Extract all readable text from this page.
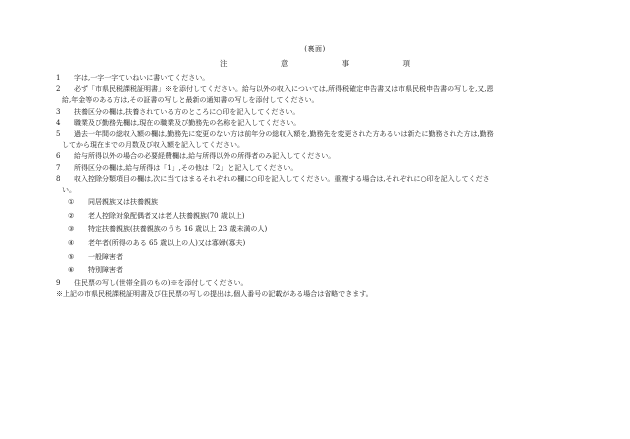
(裏面)
注	意	事	項
1	字は,一字一字ていねいに書いてください。
2	必ず「市県民税課税証明書」※を添付してください。給与以外の収入については,所得税確定申告書又は市県民税申告書の写しを,又,恩
給,年金等のある方は,その証書の写しと最新の通知書の写しを添付してください。
3	扶養区分の欄は,扶養されている方のところに○印を記入してください。
4	職業及び勤務先欄は,現在の職業及び勤務先の名称を記入してください。
5	過去一年間の総収入額の欄は,勤務先に変更のない方は前年分の総収入額を,勤務先を変更された方あるいは新たに勤務された方は,勤務
してから現在までの月数及び収入額を記入してください。
6	給与所得以外の場合の必要経費欄は,給与所得以外の所得者のみ記入してください。
7	所得区分の欄は,給与所得は「1」,その他は「2」と記入してください。
8	収入控除分類項目の欄は,次に当てはまるそれぞれの欄に○印を記入してください。重複する場合は,それぞれに○印を記入してくださ
い。
①	同居親族又は扶養親族
②	老人控除対象配偶者又は老人扶養親族(70 歳以上)
③	特定扶養親族(扶養親族のうち 16 歳以上 23 歳未満の人)
④	老年者(所得のある 65 歳以上の人)又は寡婦(寡夫)
⑤	一般障害者
⑥	特別障害者
9	住民票の写し(世帯全員のもの)※を添付してください。
※上記の市県民税課税証明書及び住民票の写しの提出は,個人番号の記載がある場合は省略できます。
